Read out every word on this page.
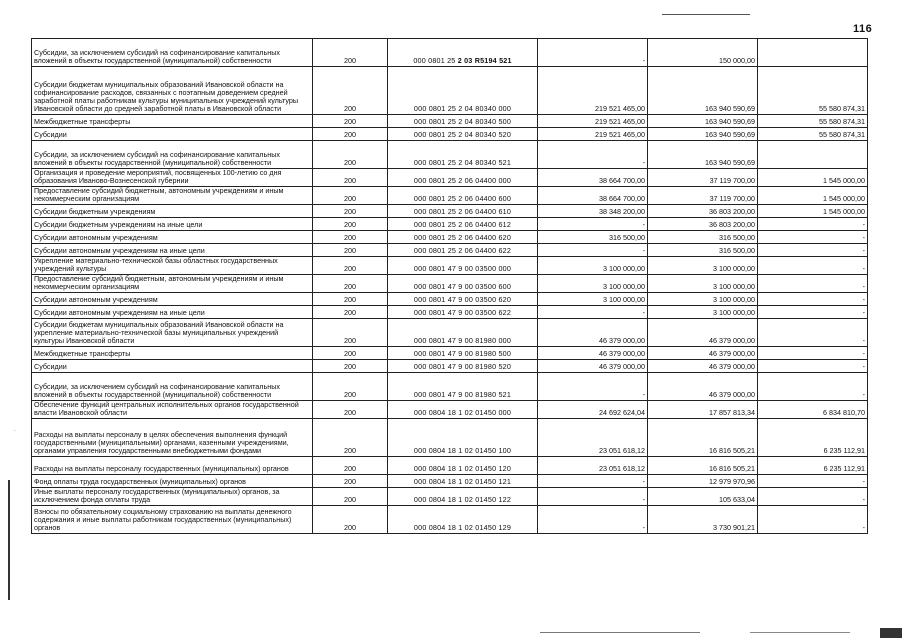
116
·
Субсидии, за исключением субсидий на софинансирование капитальных вложений в объекты государственной (муниципальной) собственности	200	000 0801 25 2 03 R5194 521	-	150 000,00	
Субсидии бюджетам муниципальных образований Ивановской области на софинансирование расходов, связанных с поэтапным доведением средней заработной платы работникам культуры муниципальных учреждений культуры Ивановской области до средней заработной платы в Ивановской области	200	000 0801 25 2 04 80340 000	219 521 465,00	163 940 590,69	55 580 874,31
Межбюджетные трансферты	200	000 0801 25 2 04 80340 500	219 521 465,00	163 940 590,69	55 580 874,31
Субсидии	200	000 0801 25 2 04 80340 520	219 521 465,00	163 940 590,69	55 580 874,31
Субсидии, за исключением субсидий на софинансирование капитальных вложений в объекты государственной (муниципальной) собственности	200	000 0801 25 2 04 80340 521	-	163 940 590,69	
Организация и проведение мероприятий, посвященных 100-летию со дня образования Иваново-Вознесенской губернии	200	000 0801 25 2 06 04400 000	38 664 700,00	37 119 700,00	1 545 000,00
Предоставление субсидий бюджетным, автономным учреждениям и иным некоммерческим организациям	200	000 0801 25 2 06 04400 600	38 664 700,00	37 119 700,00	1 545 000,00
Субсидии бюджетным учреждениям	200	000 0801 25 2 06 04400 610	38 348 200,00	36 803 200,00	1 545 000,00
Субсидии бюджетным учреждениям на иные цели	200	000 0801 25 2 06 04400 612	-	36 803 200,00	-
Субсидии автономным учреждениям	200	000 0801 25 2 06 04400 620	316 500,00	316 500,00	-
Субсидии автономным учреждениям на иные цели	200	000 0801 25 2 06 04400 622	-	316 500,00	-
Укрепление материально-технической базы областных государственных учреждений культуры	200	000 0801 47 9 00 03500 000	3 100 000,00	3 100 000,00	-
Предоставление субсидий бюджетным, автономным учреждениям и иным некоммерческим организациям	200	000 0801 47 9 00 03500 600	3 100 000,00	3 100 000,00	-
Субсидии автономным учреждениям	200	000 0801 47 9 00 03500 620	3 100 000,00	3 100 000,00	-
Субсидии автономным учреждениям на иные цели	200	000 0801 47 9 00 03500 622	-	3 100 000,00	-
Субсидии бюджетам муниципальных образований Ивановской области на укрепление материально-технической базы муниципальных учреждений культуры Ивановской области	200	000 0801 47 9 00 81980 000	46 379 000,00	46 379 000,00	-
Межбюджетные трансферты	200	000 0801 47 9 00 81980 500	46 379 000,00	46 379 000,00	-
Субсидии	200	000 0801 47 9 00 81980 520	46 379 000,00	46 379 000,00	-
Субсидии, за исключением субсидий на софинансирование капитальных вложений в объекты государственной (муниципальной) собственности	200	000 0801 47 9 00 81980 521	-	46 379 000,00	-
Обеспечение функций центральных исполнительных органов государственной власти Ивановской области	200	000 0804 18 1 02 01450 000	24 692 624,04	17 857 813,34	6 834 810,70
Расходы на выплаты персоналу в целях обеспечения выполнения функций государственными (муниципальными) органами, казенными учреждениями, органами управления государственными внебюджетными фондами	200	000 0804 18 1 02 01450 100	23 051 618,12	16 816 505,21	6 235 112,91
Расходы на выплаты персоналу государственных (муниципальных) органов	200	000 0804 18 1 02 01450 120	23 051 618,12	16 816 505,21	6 235 112,91
Фонд оплаты труда государственных (муниципальных) органов	200	000 0804 18 1 02 01450 121	-	12 979 970,96	-
Иные выплаты персоналу государственных (муниципальных) органов, за исключением фонда оплаты труда	200	000 0804 18 1 02 01450 122	-	105 633,04	-
Взносы по обязательному социальному страхованию на выплаты денежного содержания и иные выплаты работникам государственных (муниципальных) органов	200	000 0804 18 1 02 01450 129	-	3 730 901,21	-
